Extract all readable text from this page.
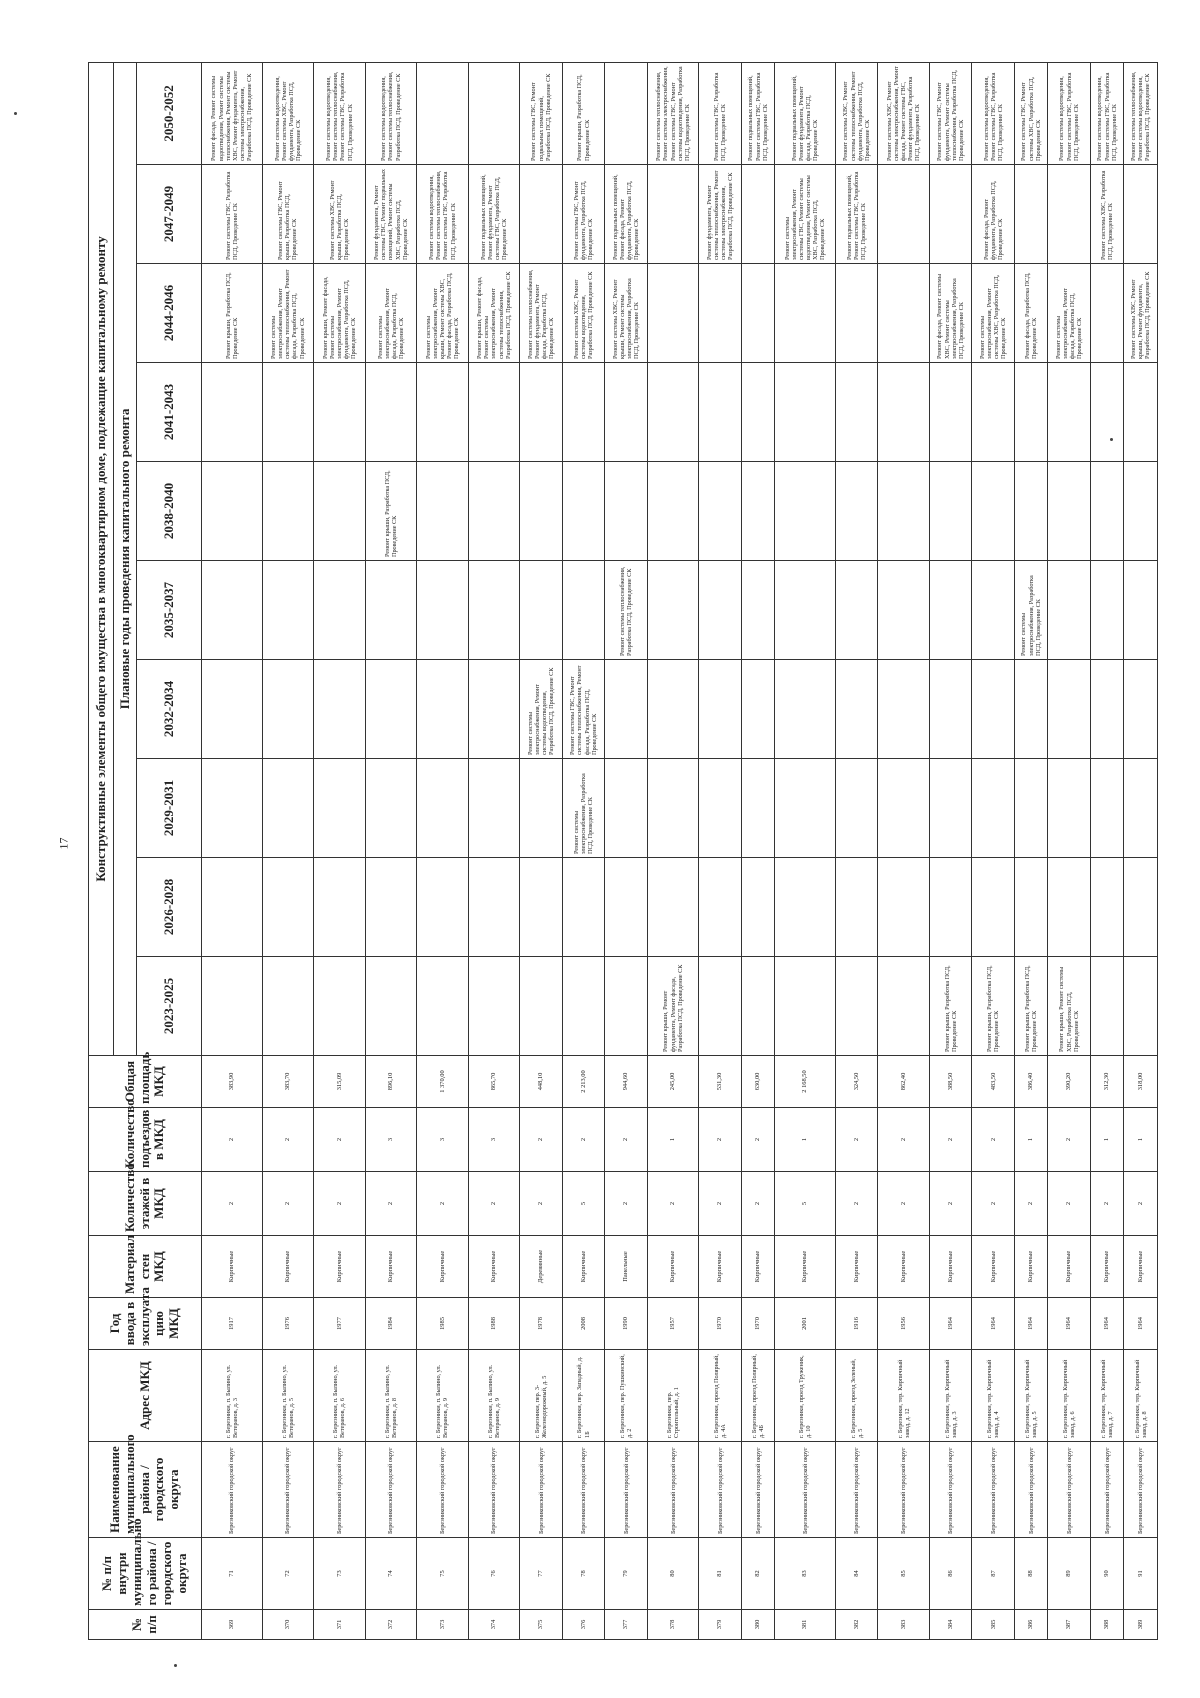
17
№ п/п	№ п/п внутри муниципально го района / городского округа	Наименование муниципального района / городского округа	Адрес МКД	Год ввода в эксплуата цию МКД	Материал стен МКД	Количество этажей в МКД	Количество подъездов в МКД	Общая площадь МКД	Конструктивные элементы общего имущества в многоквартирном доме, подлежащие капитальному ремонту									
									Плановые годы проведения капитального ремонта									
									2023-2025	2026-2028	2029-2031	2032-2034	2035-2037	2038-2040	2041-2043	2044-2046	2047-2049	2050-2052
369	71	Березниковский городской округ	г. Березники, п. Былино, ул. Ветеранов, д. 3	1917	Кирпичные	2	2	383,90								Ремонт крыши, Разработка ПСД, Проведение СК	Ремонт системы ГВС, Разработка ПСД, Проведение СК	Ремонт фасада, Ремонт системы водоотведения, Ремонт системы теплоснабжения, Ремонт системы ХВС, Ремонт фундамента, Ремонт системы электроснабжения, Разработка ПСД, Проведение СК
370	72	Березниковский городской округ	г. Березники, п. Былино, ул. Ветеранов, д. 5	1976	Кирпичные	2	2	383,70								Ремонт системы электроснабжения, Ремонт системы теплоснабжения, Ремонт фасада, Разработка ПСД, Проведение СК	Ремонт системы ГВС, Ремонт крыши, Разработка ПСД, Проведение СК	Ремонт системы водоотведения, Ремонт системы ХВС, Ремонт фундамента, Разработка ПСД, Проведение СК
371	73	Березниковский городской округ	г. Березники, п. Былино, ул. Ветеранов, д. 6	1977	Кирпичные	2	2	315,09								Ремонт крыши, Ремонт фасада, Ремонт системы электроснабжения, Ремонт фундамента, Разработка ПСД, Проведение СК	Ремонт системы ХВС, Ремонт крыши, Разработка ПСД, Проведение СК	Ремонт системы водоотведения, Ремонт системы теплоснабжения, Ремонт системы ГВС, Разработка ПСД, Проведение СК
372	74	Березниковский городской округ	г. Березники, п. Былино, ул. Ветеранов, д. 8	1984	Кирпичные	2	3	896,10						Ремонт крыши, Разработка ПСД, Проведение СК		Ремонт системы электроснабжения, Ремонт фасада, Разработка ПСД, Проведение СК	Ремонт фундамента, Ремонт системы ГВС, Ремонт подвальных помещений, Ремонт системы ХВС, Разработка ПСД, Проведение СК	Ремонт системы водоотведения, Ремонт системы теплоснабжения, Разработка ПСД, Проведение СК
373	75	Березниковский городской округ	г. Березники, п. Былино, ул. Ветеранов, д. 9	1985	Кирпичные	2	3	1 370,00								Ремонт системы электроснабжения, Ремонт крыши, Ремонт системы ХВС, Ремонт фасада, Разработка ПСД, Проведение СК	Ремонт системы водоотведения, Ремонт системы теплоснабжения, Ремонт системы ГВС, Разработка ПСД, Проведение СК	
374	76	Березниковский городской округ	г. Березники, п. Былино, ул. Ветеранов, д. 9	1988	Кирпичные	2	3	865,70								Ремонт крыши, Ремонт фасада, Ремонт системы электроснабжения, Ремонт системы теплоснабжения, Разработка ПСД, Проведение СК	Ремонт подвальных помещений, Ремонт фундамента, Ремонт системы ГВС, Разработка ПСД, Проведение СК	
375	77	Березниковский городской округ	г. Березники, пер. 3-Железнодорожный, д. 5	1978	Деревянные	2	2	448,10				Ремонт системы электроснабжения, Ремонт системы водоотведения, Разработка ПСД, Проведение СК				Ремонт системы теплоснабжения, Ремонт фундамента, Ремонт фасада, Разработка ПСД, Проведение СК		Ремонт системы ГВС, Ремонт подвальных помещений, Разработка ПСД, Проведение СК
376	78	Березниковский городской округ	г. Березники, пер. Западный, д. 1Б	2008	Кирпичные	5	2	2 213,00			Ремонт системы электроснабжения, Разработка ПСД, Проведение СК	Ремонт системы ГВС, Ремонт системы теплоснабжения, Ремонт фасада, Разработка ПСД, Проведение СК				Ремонт системы ХВС, Ремонт системы водоотведения, Разработка ПСД, Проведение СК	Ремонт системы ГВС, Ремонт фундамента, Разработка ПСД, Проведение СК	Ремонт крыши, Разработка ПСД, Проведение СК
377	79	Березниковский городской округ	г. Березники, пер. Пушкинский, д. 2	1990	Панельные	2	2	944,60					Ремонт системы теплоснабжения, Разработка ПСД, Проведение СК			Ремонт системы ХВС, Ремонт крыши, Ремонт системы электроснабжения, Разработка ПСД, Проведение СК	Ремонт подвальных помещений, Ремонт фасада, Ремонт фундамента, Разработка ПСД, Проведение СК	
378	80	Березниковский городской округ	г. Березники, пер. Строительный, д. 1	1957	Кирпичные	2	1	245,00	Ремонт крыши, Ремонт фундамента, Ремонт фасада, Разработка ПСД, Проведение СК									Ремонт системы теплоснабжения, Ремонт системы электроснабжения, Ремонт системы ГВС, Ремонт системы водоотведения, Разработка ПСД, Проведение СК
379	81	Березниковский городской округ	г. Березники, проезд Полярный, д. 4А	1970	Кирпичные	2	2	531,30									Ремонт фундамента, Ремонт системы теплоснабжения, Ремонт системы электроснабжения, Разработка ПСД, Проведение СК	Ремонт системы ГВС, Разработка ПСД, Проведение СК
380	82	Березниковский городской округ	г. Березники, проезд Полярный, д. 4Б	1970	Кирпичные	2	2	630,00										Ремонт подвальных помещений, Ремонт системы ГВС, Разработка ПСД, Проведение СК
381	83	Березниковский городской округ	г. Березники, проезд Труженик, д. 10	2001	Кирпичные	5	1	2 168,50									Ремонт системы электроснабжения, Ремонт системы ГВС, Ремонт системы водоотведения, Ремонт системы ХВС, Разработка ПСД, Проведение СК	Ремонт подвальных помещений, Ремонт фундамента, Ремонт фасада, Разработка ПСД, Проведение СК
382	84	Березниковский городской округ	г. Березники, проезд Зеленый, д. 5	1916	Кирпичные	2	2	324,50									Ремонт подвальных помещений, Ремонт системы ГВС, Разработка ПСД, Проведение СК	Ремонт системы ХВС, Ремонт системы теплоснабжения, Ремонт фундамента, Разработка ПСД, Проведение СК
383	85	Березниковский городской округ	г. Березники, тер. Кирпичный завод, д. 12	1956	Кирпичные	2	2	862,40										Ремонт системы ХВС, Ремонт системы электроснабжения, Ремонт фасада, Ремонт системы ГВС, Ремонт фундамента, Разработка ПСД, Проведение СК
384	86	Березниковский городской округ	г. Березники, тер. Кирпичный завод, д. 3	1964	Кирпичные	2	2	388,50	Ремонт крыши, Разработка ПСД, Проведение СК							Ремонт фасада, Ремонт системы ХВС, Ремонт системы электроснабжения, Разработка ПСД, Проведение СК		Ремонт системы ГВС, Ремонт фундамента, Ремонт системы теплоснабжения, Разработка ПСД, Проведение СК
385	87	Березниковский городской округ	г. Березники, тер. Кирпичный завод, д. 4	1964	Кирпичные	2	2	483,50	Ремонт крыши, Разработка ПСД, Проведение СК							Ремонт системы электроснабжения, Ремонт системы ХВС, Разработка ПСД, Проведение СК	Ремонт фасада, Ремонт фундамента, Разработка ПСД, Проведение СК	Ремонт системы водоотведения, Ремонт системы ГВС, Разработка ПСД, Проведение СК
386	88	Березниковский городской округ	г. Березники, тер. Кирпичный завод, д. 5	1964	Кирпичные	2	1	386,40	Ремонт крыши, Разработка ПСД, Проведение СК				Ремонт системы электроснабжения, Разработка ПСД, Проведение СК			Ремонт фасада, Разработка ПСД, Проведение СК		Ремонт системы ГВС, Ремонт системы ХВС, Разработка ПСД, Проведение СК
387	89	Березниковский городской округ	г. Березники, тер. Кирпичный завод, д. 6	1964	Кирпичные	2	2	390,20	Ремонт крыши, Ремонт системы ХВС, Разработка ПСД, Проведение СК							Ремонт системы электроснабжения, Ремонт фасада, Разработка ПСД, Проведение СК		Ремонт системы водоотведения, Ремонт системы ГВС, Разработка ПСД, Проведение СК
388	90	Березниковский городской округ	г. Березники, тер. Кирпичный завод, д. 7	1964	Кирпичные	2	1	312,30									Ремонт системы ХВС, Разработка ПСД, Проведение СК	Ремонт системы водоотведения, Ремонт системы ГВС, Разработка ПСД, Проведение СК
389	91	Березниковский городской округ	г. Березники, тер. Кирпичный завод, д. 8	1964	Кирпичные	2	1	318,00								Ремонт системы ХВС, Ремонт крыши, Ремонт фундамента, Разработка ПСД, Проведение СК		Ремонт системы теплоснабжения, Ремонт системы водоотведения, Разработка ПСД, Проведение СК
